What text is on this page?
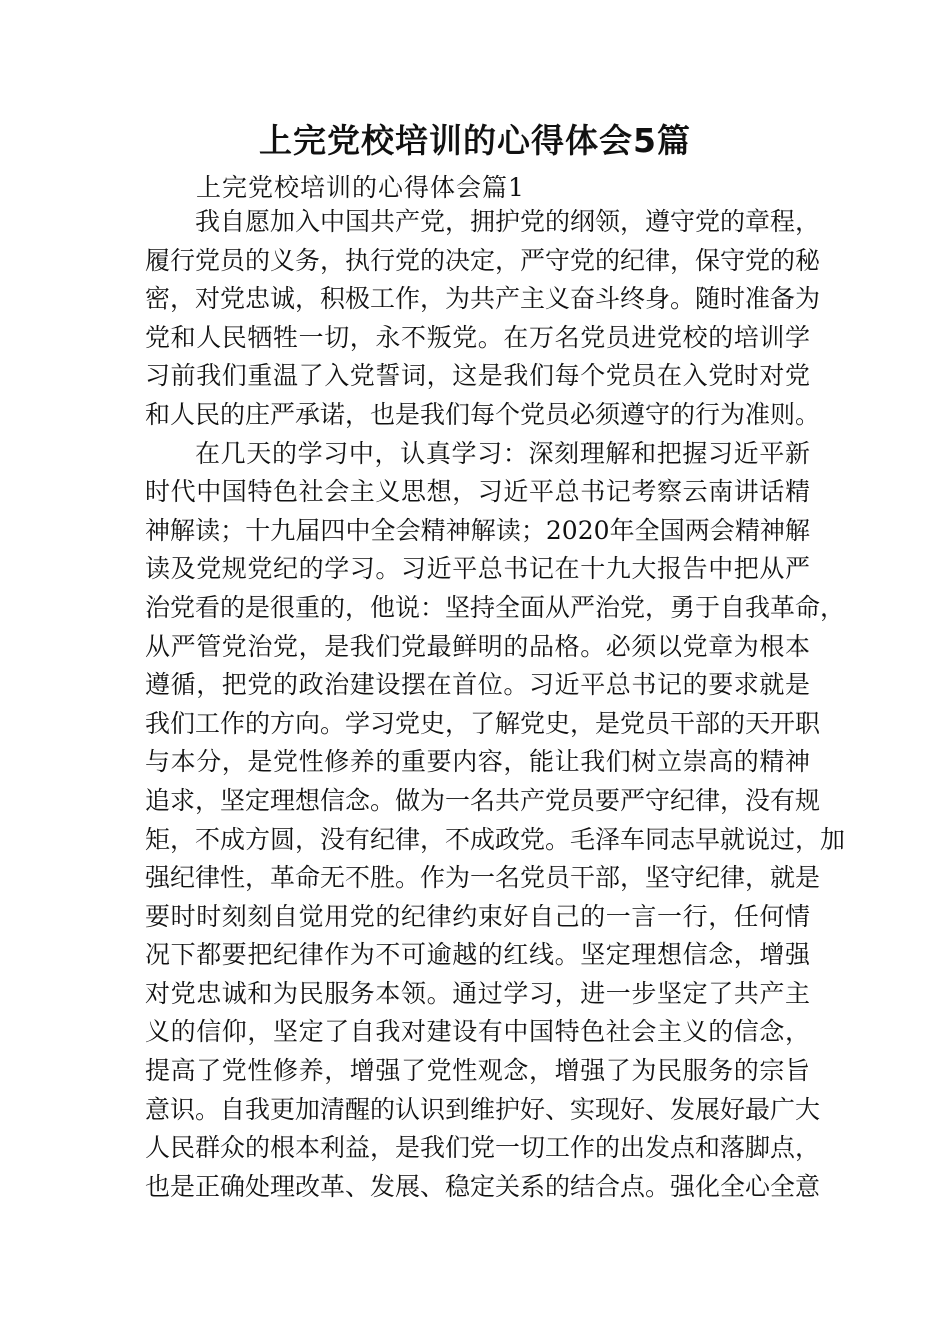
上完党校培训的心得体会5篇
上完党校培训的心得体会篇1
我自愿加入中国共产党，拥护党的纲领，遵守党的章程，
履行党员的义务，执行党的决定，严守党的纪律，保守党的秘
密，对党忠诚，积极工作，为共产主义奋斗终身。随时准备为
党和人民牺牲一切，永不叛党。在万名党员进党校的培训学
习前我们重温了入党誓词，这是我们每个党员在入党时对党
和人民的庄严承诺，也是我们每个党员必须遵守的行为准则。
在几天的学习中，认真学习：深刻理解和把握习近平新
时代中国特色社会主义思想，习近平总书记考察云南讲话精
神解读；十九届四中全会精神解读；2020年全国两会精神解
读及党规党纪的学习。习近平总书记在十九大报告中把从严
治党看的是很重的，他说：坚持全面从严治党，勇于自我革命，
从严管党治党，是我们党最鲜明的品格。必须以党章为根本
遵循，把党的政治建设摆在首位。习近平总书记的要求就是
我们工作的方向。学习党史，了解党史，是党员干部的天开职
与本分，是党性修养的重要内容，能让我们树立崇高的精神
追求，坚定理想信念。做为一名共产党员要严守纪律，没有规
矩，不成方圆，没有纪律，不成政党。毛泽车同志早就说过，加
强纪律性，革命无不胜。作为一名党员干部，坚守纪律，就是
要时时刻刻自觉用党的纪律约束好自己的一言一行，任何情
况下都要把纪律作为不可逾越的红线。坚定理想信念，增强
对党忠诚和为民服务本领。通过学习，进一步坚定了共产主
义的信仰，坚定了自我对建设有中国特色社会主义的信念，
提高了党性修养，增强了党性观念，增强了为民服务的宗旨
意识。自我更加清醒的认识到维护好、实现好、发展好最广大
人民群众的根本利益，是我们党一切工作的出发点和落脚点，
也是正确处理改革、发展、稳定关系的结合点。强化全心全意
